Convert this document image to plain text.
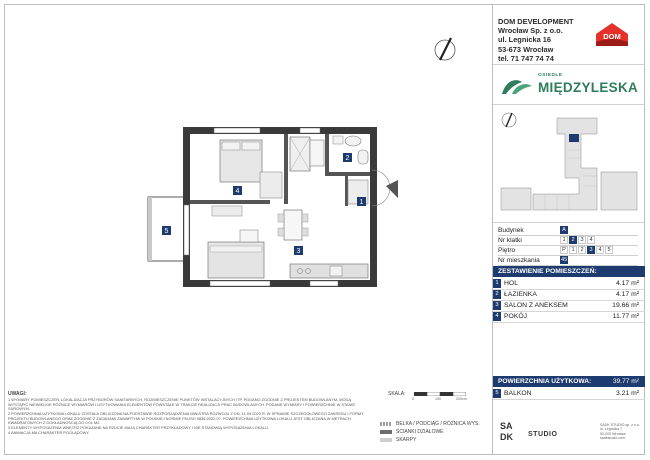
1
2
3
4
5
DOM DEVELOPMENT
Wrocław Sp. z o.o.
ul. Legnicka 16
53-673 Wrocław
tel. 71 747 74 74
DOM
OSIEDLE
MIĘDZYLESKA
Budynek	A
Nr klatki	1	2	3	4
Piętro	P 1	2	3	4	5
Nr mieszkania	45
ZESTAWIENIE POMIESZCZEŃ:
1 HOL	4.17 m²
2 ŁAZIENKA	4.17 m²
3 SALON Z ANEKSEM	19.66 m²
4 POKÓJ	11.77 m²
POWIERZCHNIA UŻYTKOWA:	39.77 m²
5 BALKON	3.21 m²
UWAGI:

1 WYMIARY POMIESZCZEŃ, LOKALIZACJA PRZYBORÓW SANITARNYCH, ROZMIESZCZENIE PUNKTÓW INSTALACYJNYCH ITP. PODANO ZGODNIE Z PROJEKTEM BUDOWLANYM. MOGĄ WYSTĄPIĆ NIEWIELKIE RÓŻNICE WYMIARÓW I USYTUOWANIA ELEMENTÓW POWSTAŁE W TRAKCIE REALIZACJI PRAC BUDOWLANYCH. PODANE WYMIARY I POWIERZCHNIE W STANIE SUROWYM.

2 POWIERZCHNIA UŻYTKOWA LOKALU ZOSTAŁA OBLICZONA NA PODSTAWIE ROZPORZĄDZENIA MINISTRA ROZWOJU Z DN. 11.09.2020 R. W SPRAWIE SZCZEGÓŁOWEGO ZAKRESU I FORMY PROJEKTU BUDOWLANEGO ORAZ ZGODNIE Z ZASADAMI ZAWARTYMI W POLSKIEJ NORMIE PN-ISO 9836:2022-07. POWIERZCHNIA UŻYTKOWA LOKALU JEST OBLICZANA W METRACH KWADRATOWYCH Z DOKŁADNOŚCIĄ DO 0,01 M2.

3 ELEMENTY WYPOSAŻENIA WNĘTRZ POKAZANE NA RZUCIE MAJĄ CHARAKTER PRZYKŁADOWY I NIE STANOWIĄ WYPOSAŻENIA LOKALU.

4 ANIMACJA MA CHARAKTER POGLĄDOWY.

SKALA:
0	100	200cm
BELKA / PODCIĄG / RÓŻNICA WYS.
ŚCIANKI DZIAŁOWE
SKARPY
SA
DK STUDIO
SADK STUDIO sp. z o.o.
ul. Legnicka 7
50-000 Wrocław
sadkstudio.com
